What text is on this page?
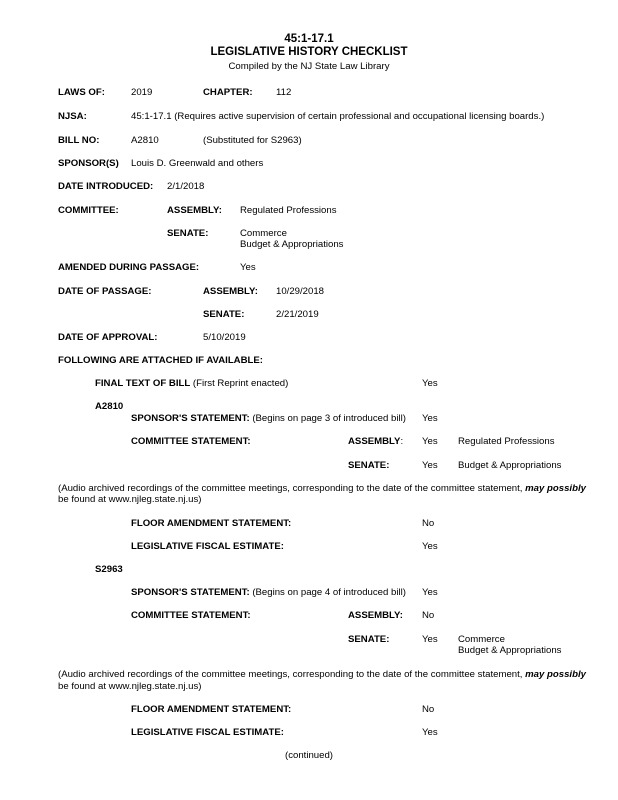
45:1-17.1
LEGISLATIVE HISTORY CHECKLIST
Compiled by the NJ State Law Library
LAWS OF:	2019	CHAPTER: 112
NJSA:	45:1-17.1 (Requires active supervision of certain professional and occupational licensing boards.)
BILL NO:	A2810	(Substituted for S2963)
SPONSOR(S) Louis D. Greenwald and others
DATE INTRODUCED: 2/1/2018
COMMITTEE:	ASSEMBLY: Regulated Professions
SENATE:	Commerce
Budget & Appropriations
AMENDED DURING PASSAGE:	Yes
DATE OF PASSAGE:	ASSEMBLY: 10/29/2018
SENATE:	2/21/2019
DATE OF APPROVAL:	5/10/2019
FOLLOWING ARE ATTACHED IF AVAILABLE:
FINAL TEXT OF BILL (First Reprint enacted)	Yes
A2810
SPONSOR'S STATEMENT: (Begins on page 3 of introduced bill) Yes
COMMITTEE STATEMENT:	ASSEMBLY: Yes Regulated Professions
SENATE:	Yes Budget & Appropriations
(Audio archived recordings of the committee meetings, corresponding to the date of the committee statement, may possibly
be found at www.njleg.state.nj.us)
FLOOR AMENDMENT STATEMENT:	No
LEGISLATIVE FISCAL ESTIMATE:	Yes
S2963
SPONSOR'S STATEMENT: (Begins on page 4 of introduced bill) Yes
COMMITTEE STATEMENT:	ASSEMBLY: No
SENATE:	Yes Commerce
Budget & Appropriations
(Audio archived recordings of the committee meetings, corresponding to the date of the committee statement, may possibly
be found at www.njleg.state.nj.us)
FLOOR AMENDMENT STATEMENT:	No
LEGISLATIVE FISCAL ESTIMATE:	Yes
(continued)
